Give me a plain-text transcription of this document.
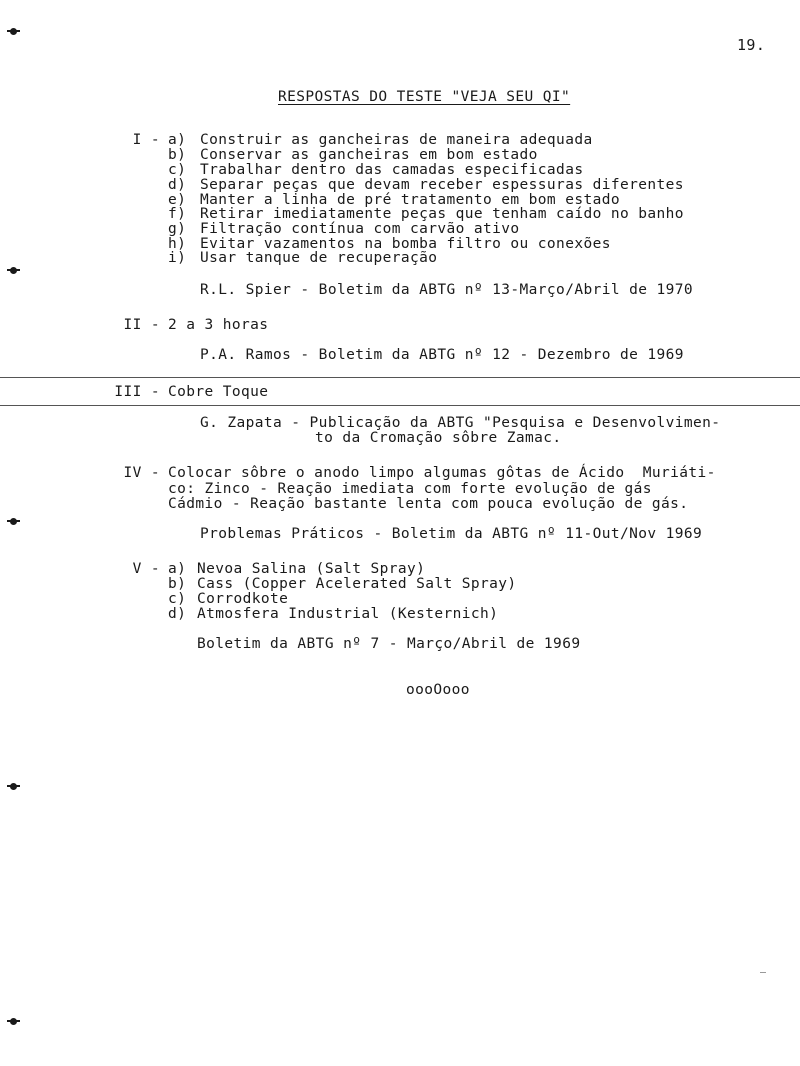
19.
RESPOSTAS DO TESTE "VEJA SEU QI"
I - a) Construir as gancheiras de maneira adequada
b) Conservar as gancheiras em bom estado
c) Trabalhar dentro das camadas especificadas
d) Separar peças que devam receber espessuras diferentes
e) Manter a linha de pré tratamento em bom estado
f) Retirar imediatamente peças que tenham caído no banho
g) Filtração contínua com carvão ativo
h) Evitar vazamentos na bomba filtro ou conexões
i) Usar tanque de recuperação
R.L. Spier - Boletim da ABTG nº 13-Março/Abril de 1970
II - 2 a 3 horas
P.A. Ramos - Boletim da ABTG nº 12 - Dezembro de 1969
III - Cobre Toque
G. Zapata - Publicação da ABTG "Pesquisa e Desenvolvimen-
to da Cromação sôbre Zamac.
IV - Colocar sôbre o anodo limpo algumas gôtas de Ácido  Muriáti-
co: Zinco - Reação imediata com forte evolução de gás
Cádmio - Reação bastante lenta com pouca evolução de gás.
Problemas Práticos - Boletim da ABTG nº 11-Out/Nov 1969
V - a) Nevoa Salina (Salt Spray)
b) Cass (Copper Acelerated Salt Spray)
c) Corrodkote
d) Atmosfera Industrial (Kesternich)
Boletim da ABTG nº 7 - Março/Abril de 1969
oooOooo
